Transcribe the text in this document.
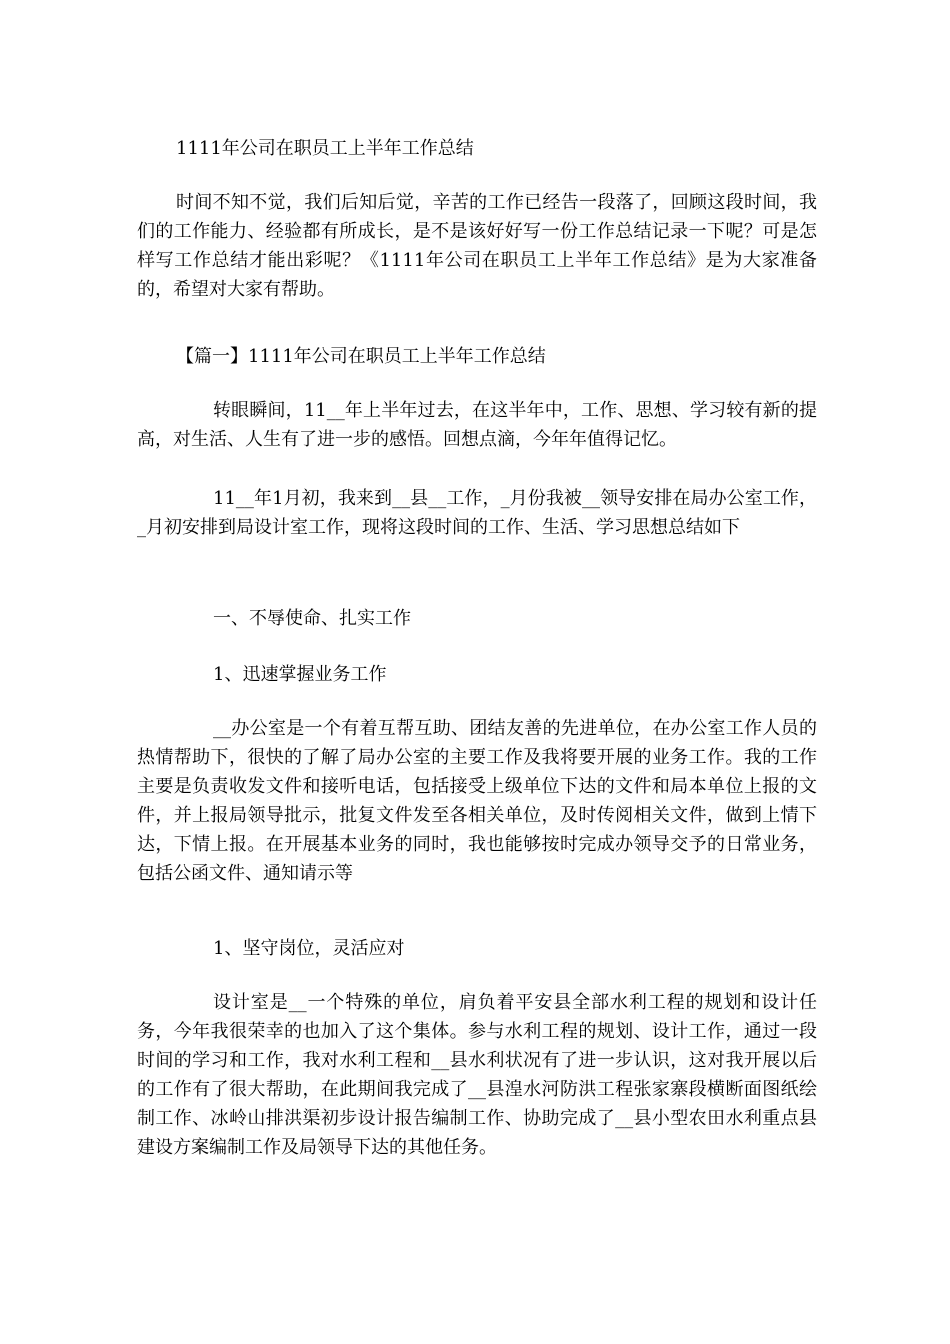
1111年公司在职员工上半年工作总结

时间不知不觉，我们后知后觉，辛苦的工作已经告一段落了，回顾这段时间，我们的工作能力、经验都有所成长，是不是该好好写一份工作总结记录一下呢？可是怎样写工作总结才能出彩呢？《1111年公司在职员工上半年工作总结》是为大家准备的，希望对大家有帮助。

【篇一】1111年公司在职员工上半年工作总结

转眼瞬间，11__年上半年过去，在这半年中，工作、思想、学习较有新的提高，对生活、人生有了进一步的感悟。回想点滴，今年年值得记忆。

11__年1月初，我来到__县__工作，_月份我被__领导安排在局办公室工作，_月初安排到局设计室工作，现将这段时间的工作、生活、学习思想总结如下

一、不辱使命、扎实工作

1、迅速掌握业务工作

__办公室是一个有着互帮互助、团结友善的先进单位，在办公室工作人员的热情帮助下，很快的了解了局办公室的主要工作及我将要开展的业务工作。我的工作主要是负责收发文件和接听电话，包括接受上级单位下达的文件和局本单位上报的文件，并上报局领导批示，批复文件发至各相关单位，及时传阅相关文件，做到上情下达，下情上报。在开展基本业务的同时，我也能够按时完成办领导交予的日常业务，包括公函文件、通知请示等

1、坚守岗位，灵活应对

设计室是__一个特殊的单位，肩负着平安县全部水利工程的规划和设计任务，今年我很荣幸的也加入了这个集体。参与水利工程的规划、设计工作，通过一段时间的学习和工作，我对水利工程和__县水利状况有了进一步认识，这对我开展以后的工作有了很大帮助，在此期间我完成了__县湟水河防洪工程张家寨段横断面图纸绘制工作、冰岭山排洪渠初步设计报告编制工作、协助完成了__县小型农田水利重点县建设方案编制工作及局领导下达的其他任务。
